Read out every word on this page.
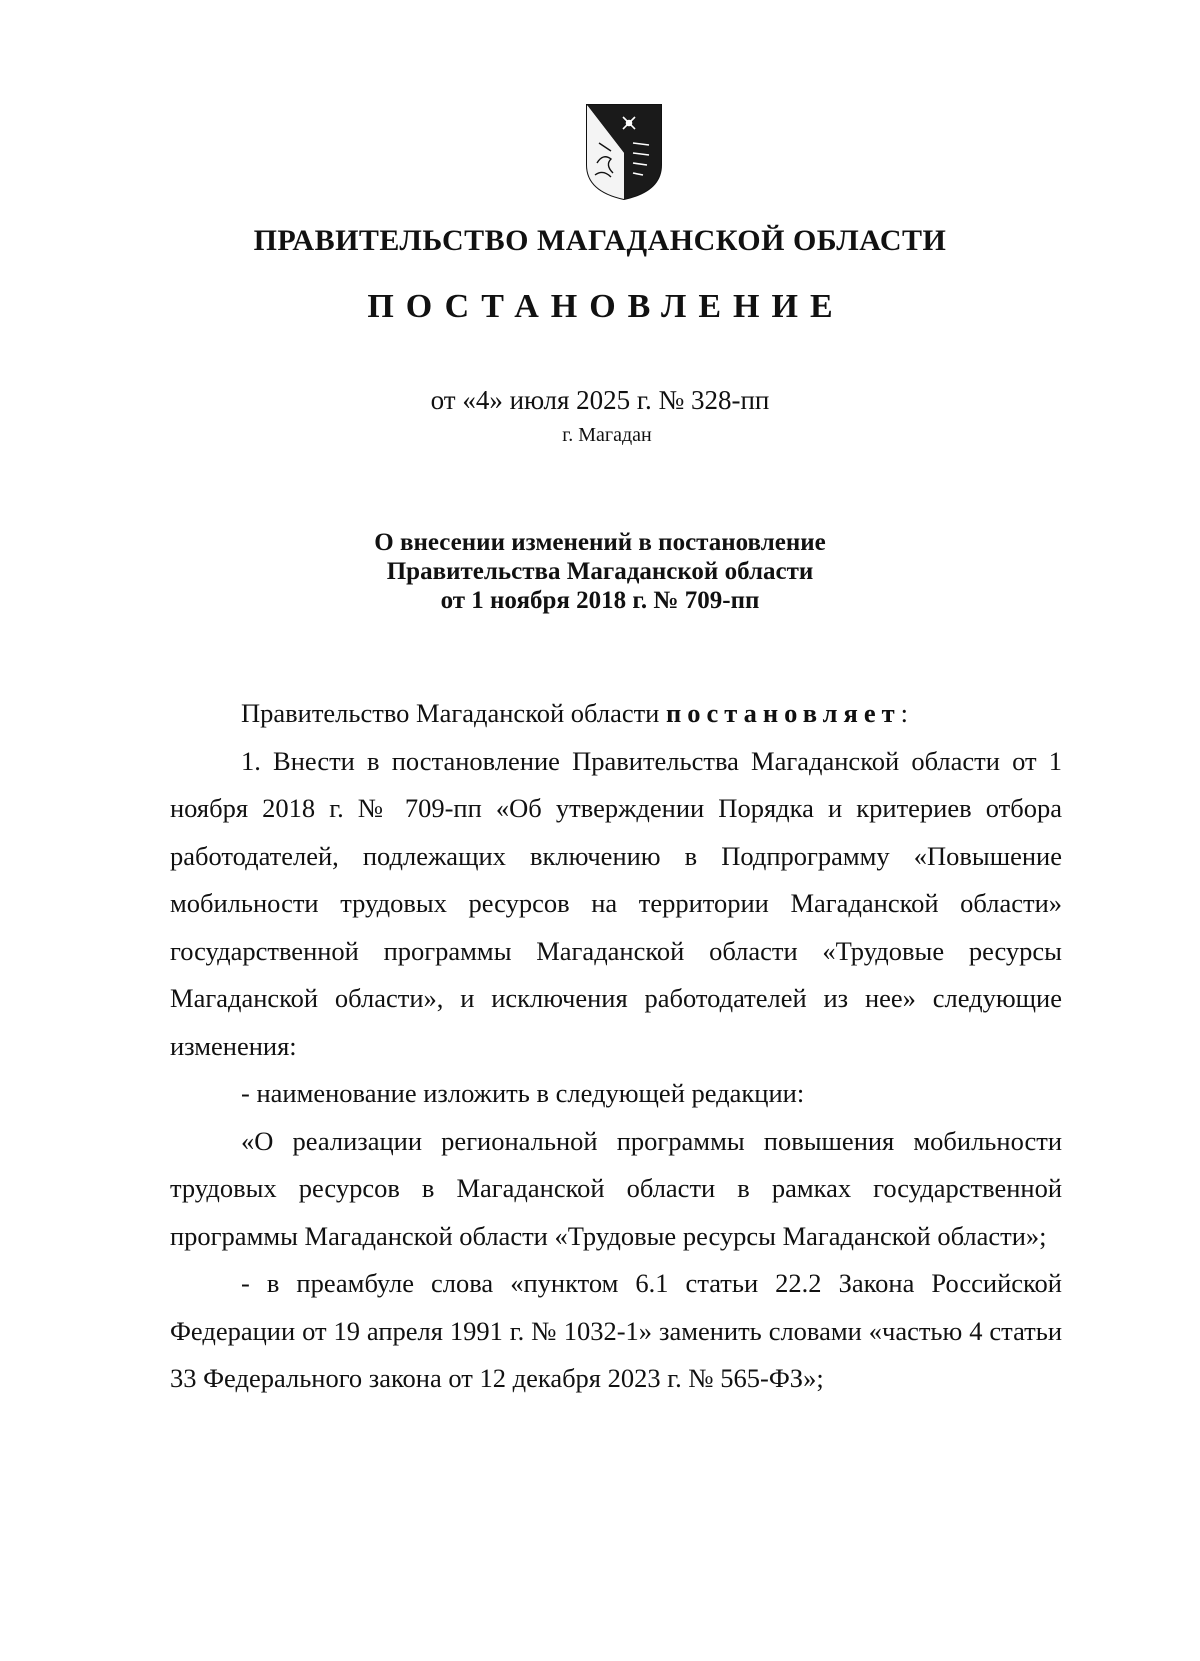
ПРАВИТЕЛЬСТВО МАГАДАНСКОЙ ОБЛАСТИ
ПОСТАНОВЛЕНИЕ
от «4» июля 2025 г. № 328-пп
г. Магадан
О внесении изменений в постановление
Правительства Магаданской области
от 1 ноября 2018 г. № 709-пп

Правительство Магаданской области постановляет:

1. Внести в постановление Правительства Магаданской области от 1 ноября 2018 г. № 709-пп «Об утверждении Порядка и критериев отбора работодателей, подлежащих включению в Подпрограмму «Повышение мобильности трудовых ресурсов на территории Магаданской области» государственной программы Магаданской области «Трудовые ресурсы Магаданской области», и исключения работодателей из нее» следующие изменения:

- наименование изложить в следующей редакции:

«О реализации региональной программы повышения мобильности трудовых ресурсов в Магаданской области в рамках государственной программы Магаданской области «Трудовые ресурсы Магаданской области»;

- в преамбуле слова «пунктом 6.1 статьи 22.2 Закона Российской Федерации от 19 апреля 1991 г. № 1032-1» заменить словами «частью 4 статьи 33 Федерального закона от 12 декабря 2023 г. № 565-ФЗ»;
